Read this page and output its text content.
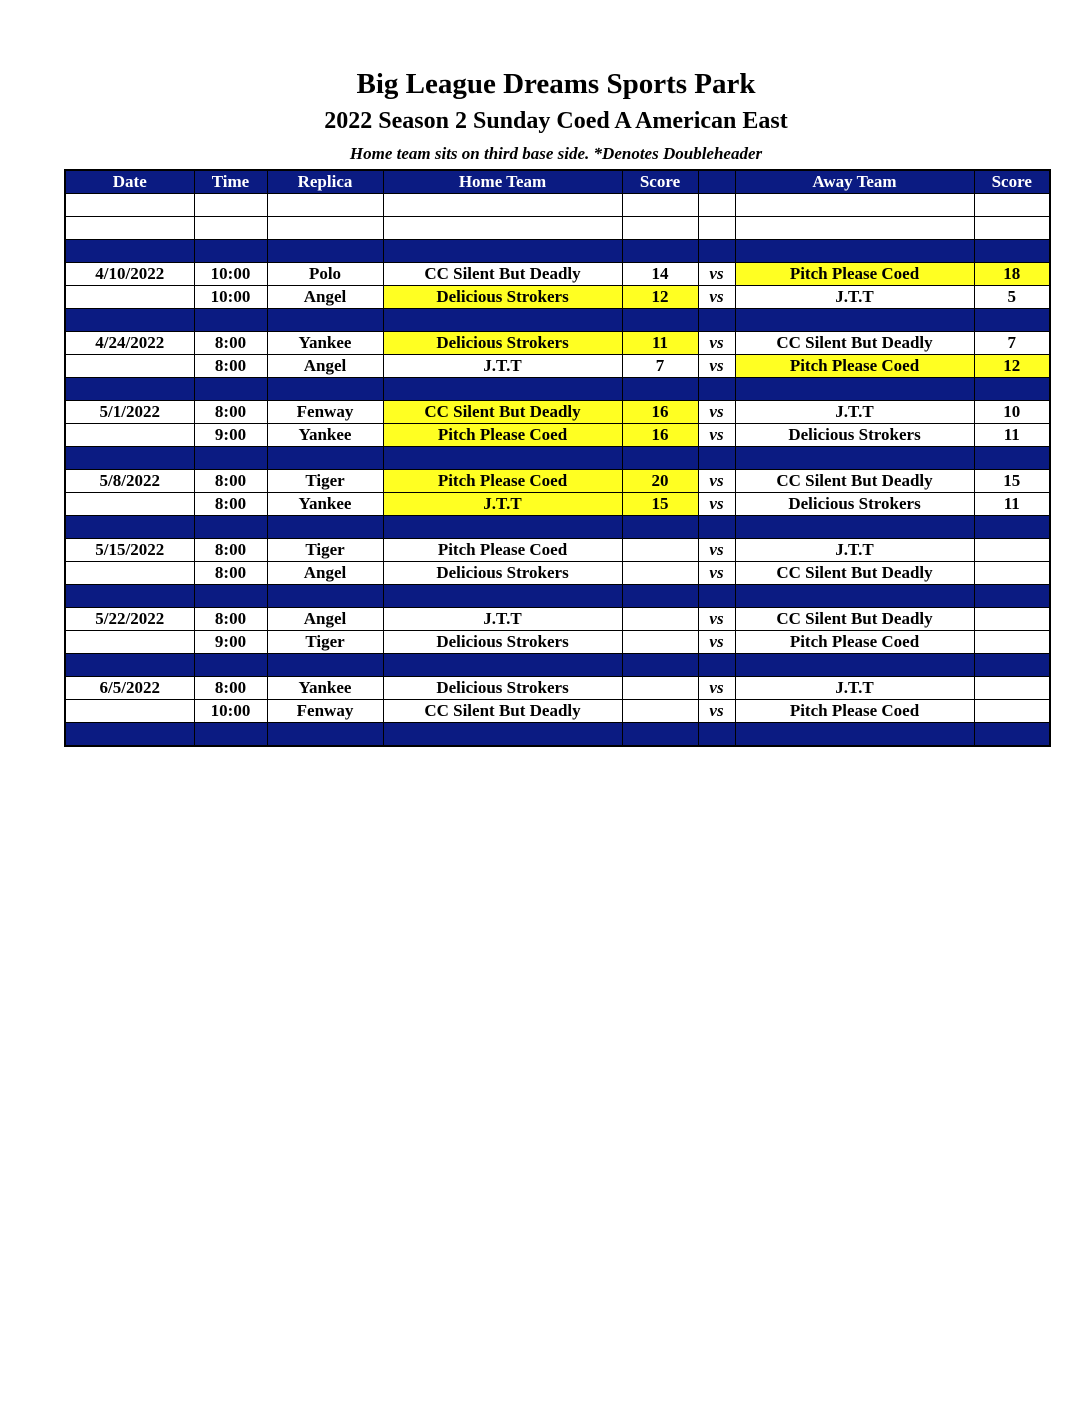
Big League Dreams Sports Park
2022 Season 2 Sunday Coed A American East
Home team sits on third base side. *Denotes Doubleheader
Date	Time	Replica	Home Team	Score		Away Team	Score

4/10/2022	10:00	Polo	CC Silent But Deadly	14	vs	Pitch Please Coed	18
	10:00	Angel	Delicious Strokers	12	vs	J.T.T	5

4/24/2022	8:00	Yankee	Delicious Strokers	11	vs	CC Silent But Deadly	7
	8:00	Angel	J.T.T	7	vs	Pitch Please Coed	12

5/1/2022	8:00	Fenway	CC Silent But Deadly	16	vs	J.T.T	10
	9:00	Yankee	Pitch Please Coed	16	vs	Delicious Strokers	11

5/8/2022	8:00	Tiger	Pitch Please Coed	20	vs	CC Silent But Deadly	15
	8:00	Yankee	J.T.T	15	vs	Delicious Strokers	11

5/15/2022	8:00	Tiger	Pitch Please Coed		vs	J.T.T	
	8:00	Angel	Delicious Strokers		vs	CC Silent But Deadly	

5/22/2022	8:00	Angel	J.T.T		vs	CC Silent But Deadly	
	9:00	Tiger	Delicious Strokers		vs	Pitch Please Coed	

6/5/2022	8:00	Yankee	Delicious Strokers		vs	J.T.T	
	10:00	Fenway	CC Silent But Deadly		vs	Pitch Please Coed	
